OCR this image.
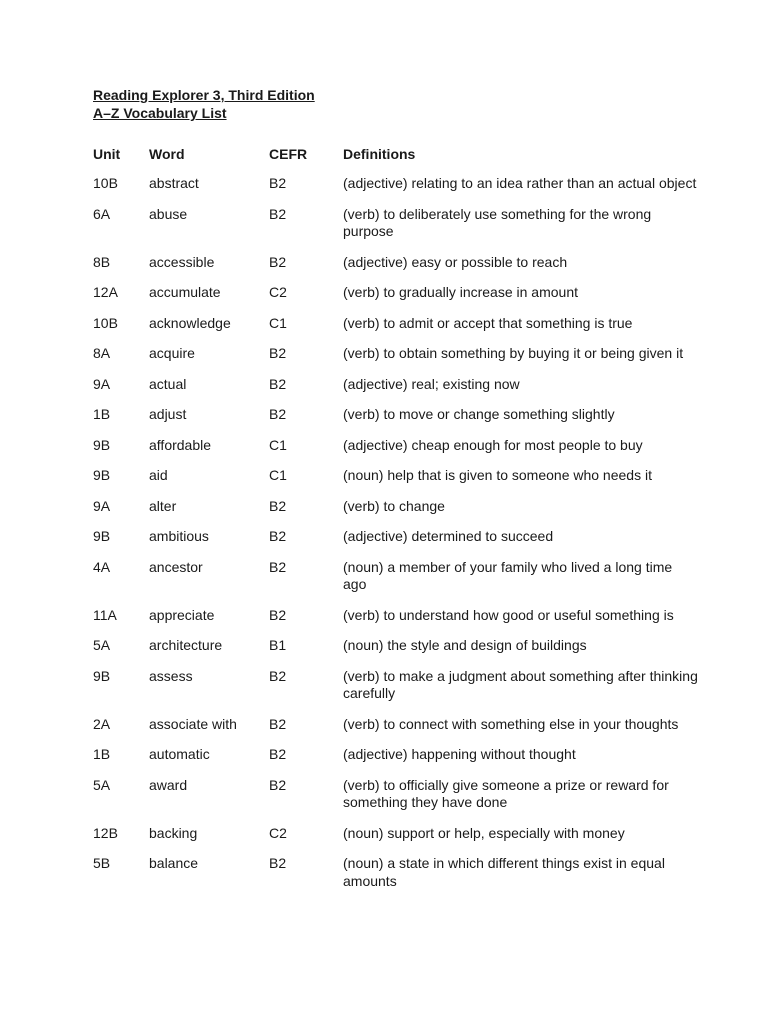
Reading Explorer 3, Third Edition

A–Z Vocabulary List

Unit	Word	CEFR	Definitions
10B	abstract	B2	(adjective) relating to an idea rather than an actual object
6A	abuse	B2	(verb) to deliberately use something for the wrong purpose
8B	accessible	B2	(adjective) easy or possible to reach
12A	accumulate	C2	(verb) to gradually increase in amount
10B	acknowledge	C1	(verb) to admit or accept that something is true
8A	acquire	B2	(verb) to obtain something by buying it or being given it
9A	actual	B2	(adjective) real; existing now
1B	adjust	B2	(verb) to move or change something slightly
9B	affordable	C1	(adjective) cheap enough for most people to buy
9B	aid	C1	(noun) help that is given to someone who needs it
9A	alter	B2	(verb) to change
9B	ambitious	B2	(adjective) determined to succeed
4A	ancestor	B2	(noun) a member of your family who lived a long time ago
11A	appreciate	B2	(verb) to understand how good or useful something is
5A	architecture	B1	(noun) the style and design of buildings
9B	assess	B2	(verb) to make a judgment about something after thinking carefully
2A	associate with	B2	(verb) to connect with something else in your thoughts
1B	automatic	B2	(adjective) happening without thought
5A	award	B2	(verb) to officially give someone a prize or reward for something they have done
12B	backing	C2	(noun) support or help, especially with money
5B	balance	B2	(noun) a state in which different things exist in equal amounts
